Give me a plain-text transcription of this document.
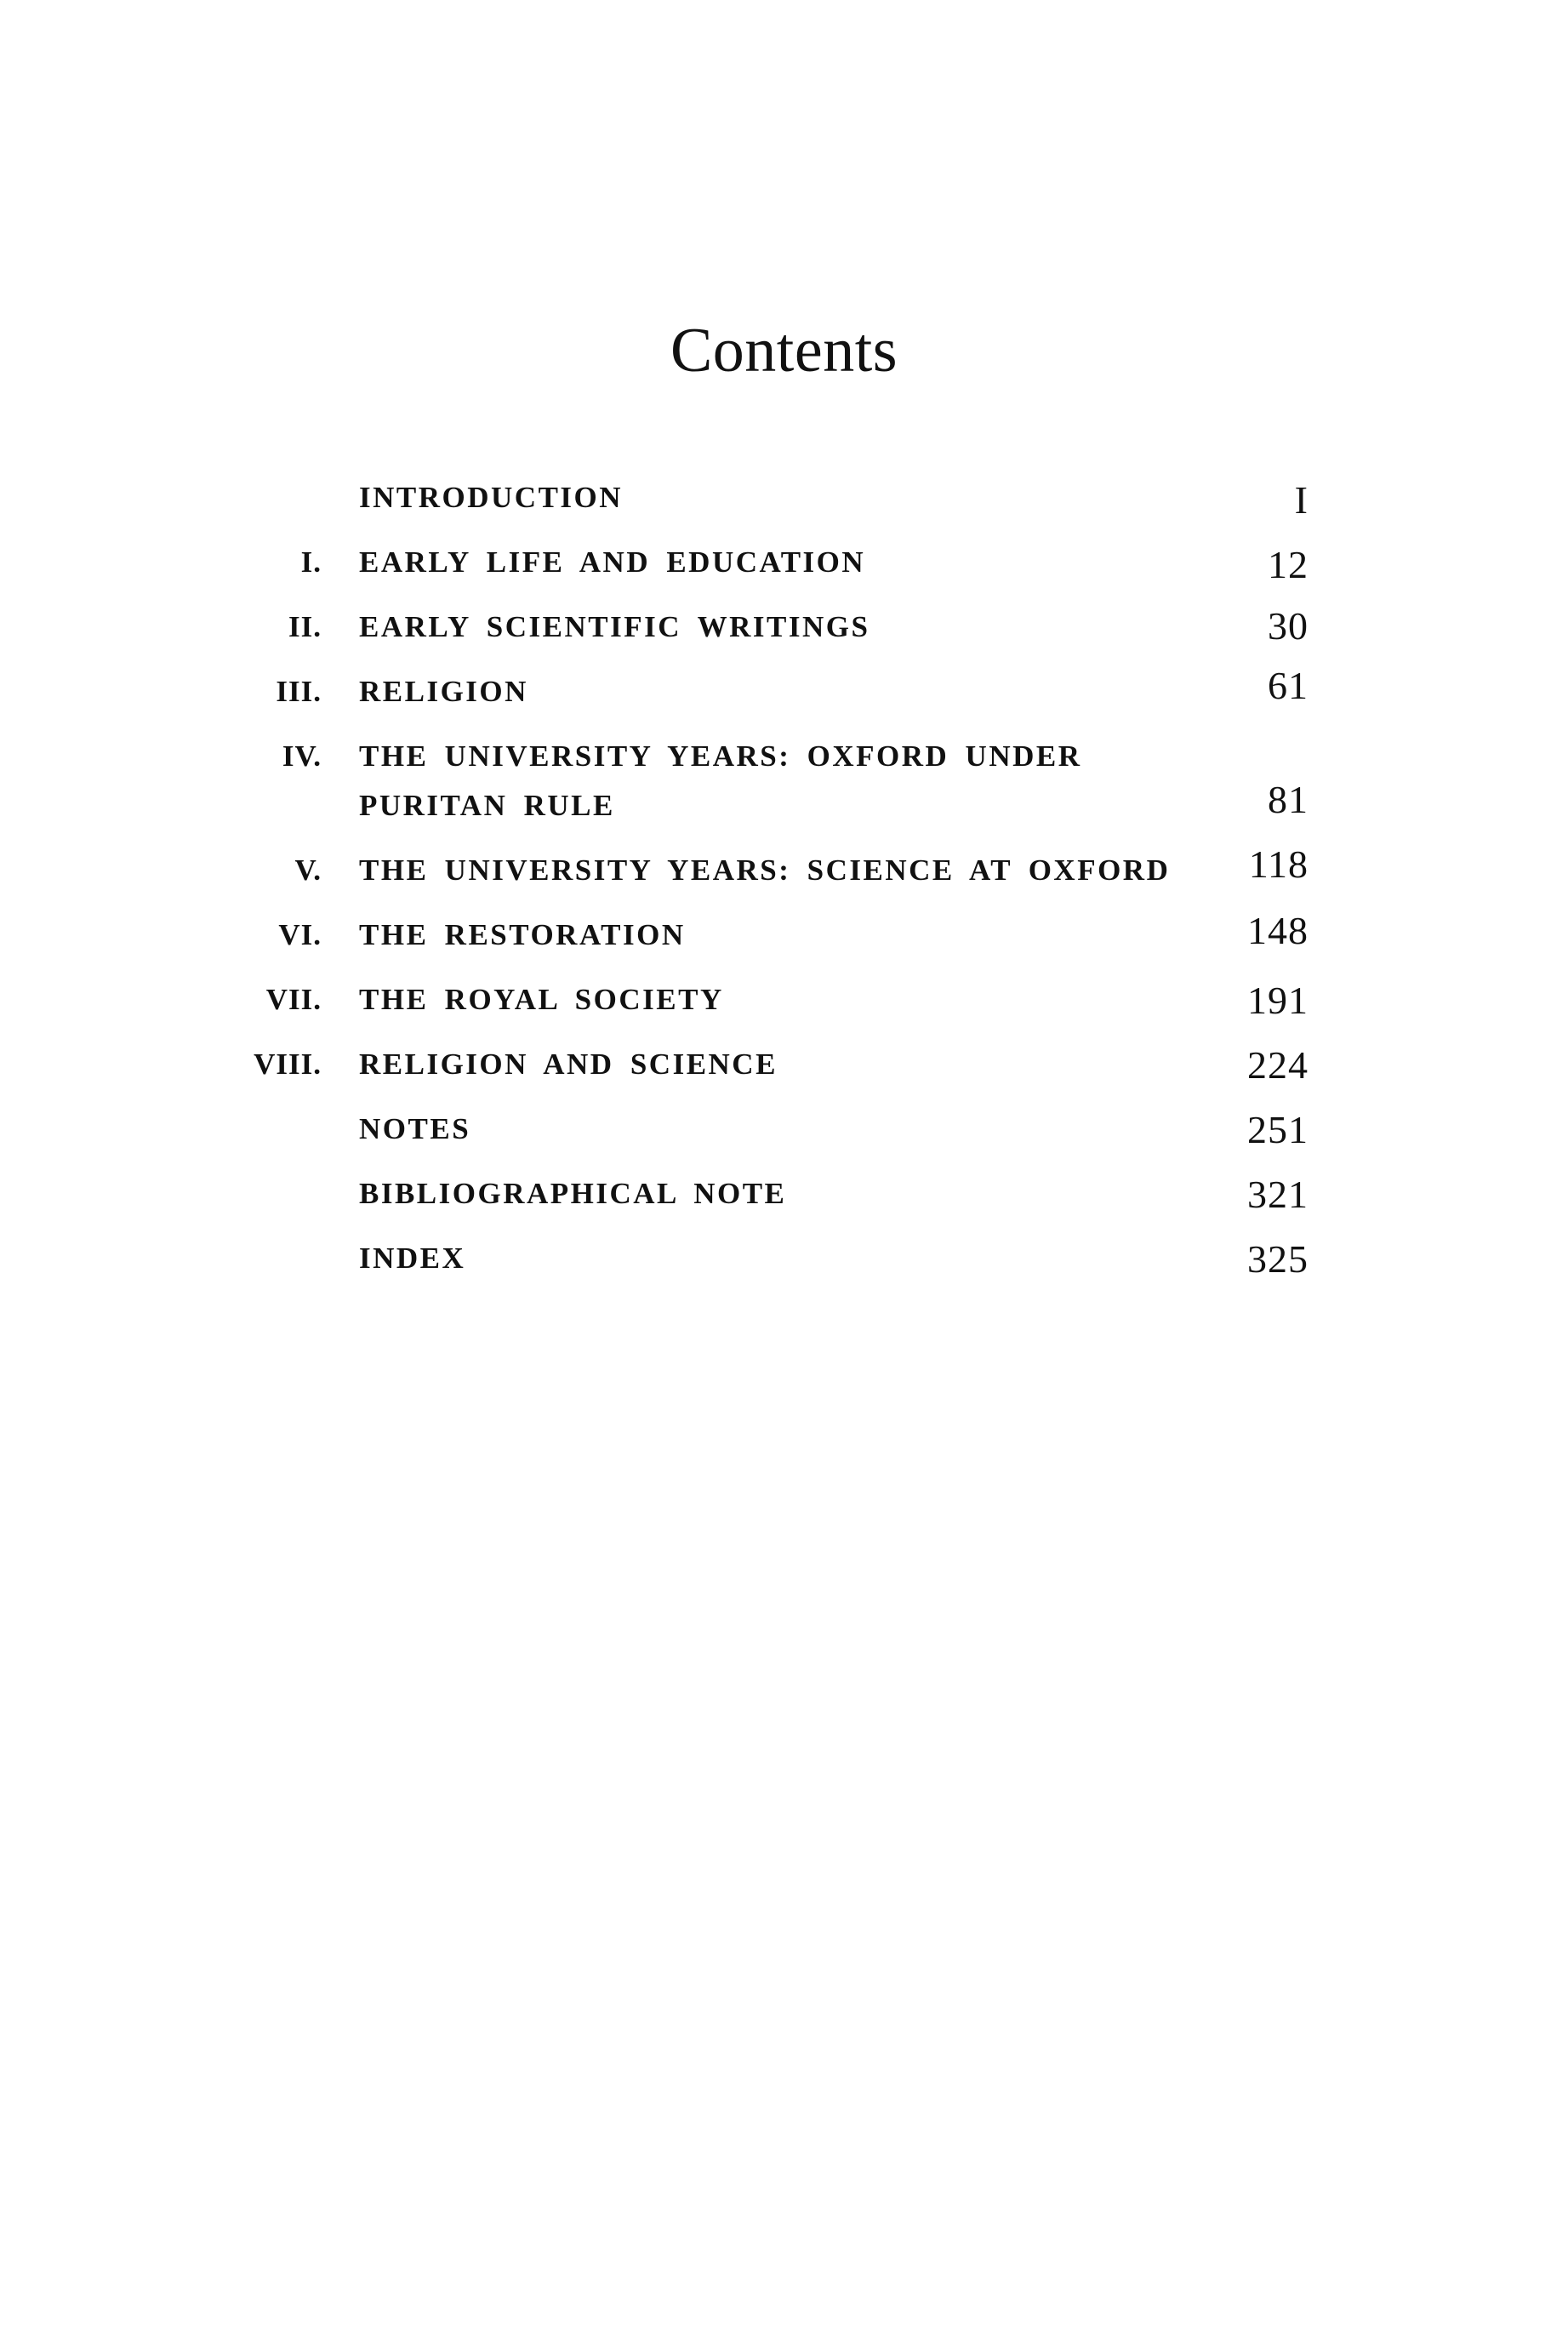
Contents
INTRODUCTION	I
I. EARLY LIFE AND EDUCATION	12
II. EARLY SCIENTIFIC WRITINGS	30
III. RELIGION	61
IV. THE UNIVERSITY YEARS: OXFORD UNDER
PURITAN RULE	81
V. THE UNIVERSITY YEARS: SCIENCE AT OXFORD 118
VI. THE RESTORATION	148
VII. THE ROYAL SOCIETY	191
VIII. RELIGION AND SCIENCE	224
NOTES	251
BIBLIOGRAPHICAL NOTE	321
INDEX	325
